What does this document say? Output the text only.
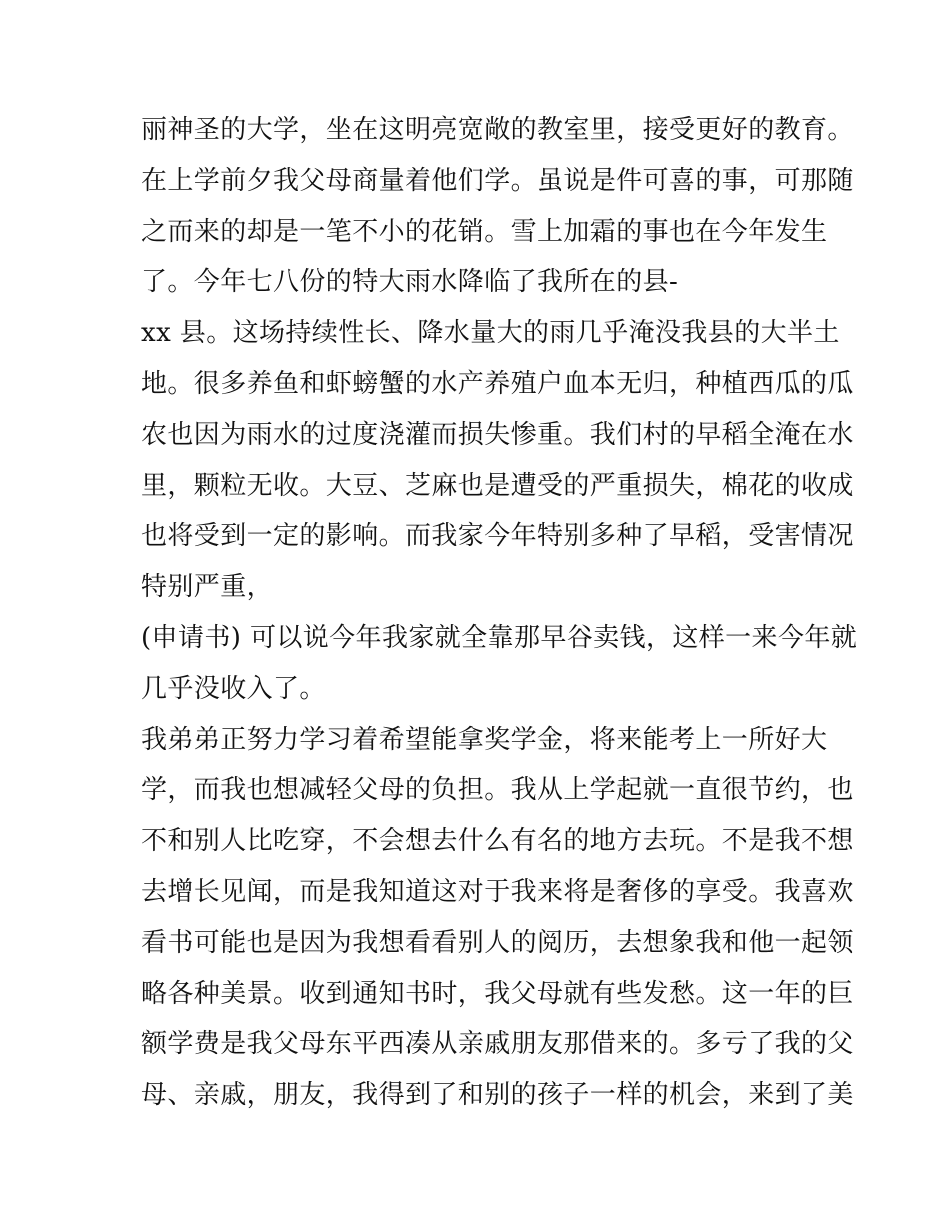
丽神圣的大学，坐在这明亮宽敞的教室里，接受更好的教育。
在上学前夕我父母商量着他们学。虽说是件可喜的事，可那随
之而来的却是一笔不小的花销。雪上加霜的事也在今年发生
了。今年七八份的特大雨水降临了我所在的县-
xx 县。这场持续性长、降水量大的雨几乎淹没我县的大半土
地。很多养鱼和虾螃蟹的水产养殖户血本无归，种植西瓜的瓜
农也因为雨水的过度浇灌而损失惨重。我们村的早稻全淹在水
里，颗粒无收。大豆、芝麻也是遭受的严重损失，棉花的收成
也将受到一定的影响。而我家今年特别多种了早稻，受害情况
特别严重，
(申请书) 可以说今年我家就全靠那早谷卖钱，这样一来今年就
几乎没收入了。
我弟弟正努力学习着希望能拿奖学金，将来能考上一所好大
学，而我也想减轻父母的负担。我从上学起就一直很节约，也
不和别人比吃穿，不会想去什么有名的地方去玩。不是我不想
去增长见闻，而是我知道这对于我来将是奢侈的享受。我喜欢
看书可能也是因为我想看看别人的阅历，去想象我和他一起领
略各种美景。收到通知书时，我父母就有些发愁。这一年的巨
额学费是我父母东平西凑从亲戚朋友那借来的。多亏了我的父
母、亲戚，朋友，我得到了和别的孩子一样的机会，来到了美
